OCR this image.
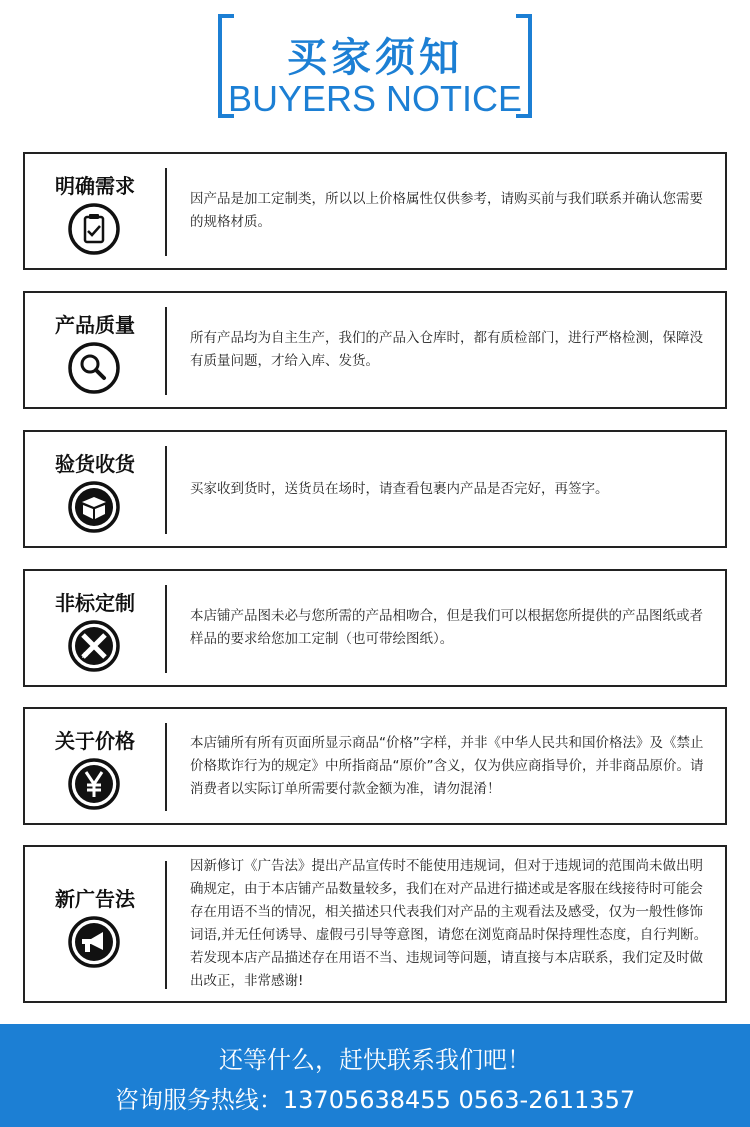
买家须知
BUYERS NOTICE
明确需求
因产品是加工定制类，所以以上价格属性仅供参考，请购买前与我们联系并确认您需要的规格材质。
产品质量
所有产品均为自主生产，我们的产品入仓库时，都有质检部门，进行严格检测，保障没有质量问题，才给入库、发货。
验货收货
买家收到货时，送货员在场时，请查看包裹内产品是否完好，再签字。
非标定制
本店铺产品图未必与您所需的产品相吻合，但是我们可以根据您所提供的产品图纸或者样品的要求给您加工定制（也可带绘图纸）。
关于价格	本店铺所有所有页面所显示商品“价格”字样，并非《中华人民共和国价格法》及《禁止价格欺诈行为的规定》中所指商品“原价”含义，仅为供应商指导价，并非商品原价。请消费者以实际订单所需要付款金额为准，请勿混淆！
新广告法
因新修订《广告法》提出产品宣传时不能使用违规词，但对于违规词的范围尚未做出明确规定，由于本店铺产品数量较多，我们在对产品进行描述或是客服在线接待时可能会存在用语不当的情况，相关描述只代表我们对产品的主观看法及感受，仅为一般性修饰词语,并无任何诱导、虚假弓引导等意图，请您在浏览商品时保持理性态度，自行判断。若发现本店产品描述存在用语不当、违规词等问题，请直接与本店联系，我们定及时做出改正，非常感谢!
还等什么，赶快联系我们吧！
咨询服务热线：13705638455 0563-2611357
